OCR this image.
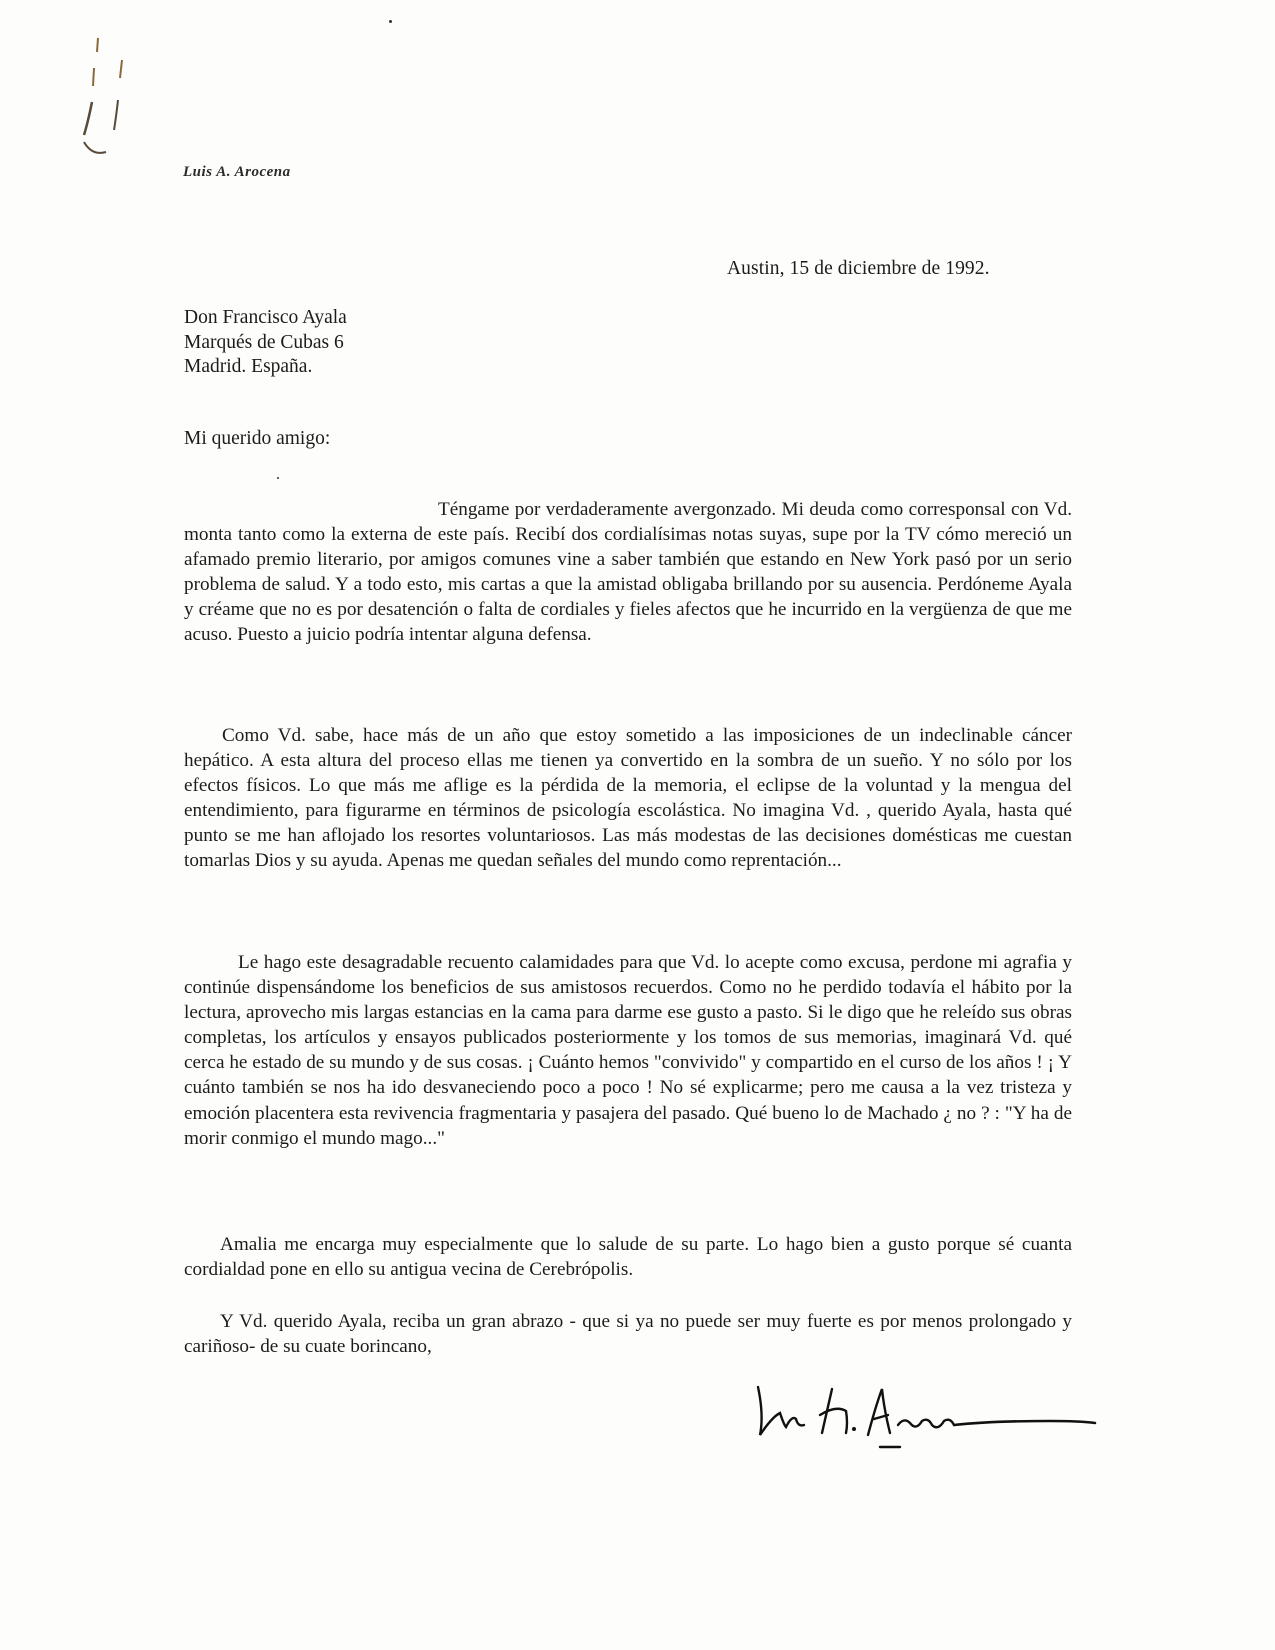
Luis A. Arocena
Austin, 15 de diciembre de 1992.
Don Francisco Ayala
Marqués de Cubas 6
Madrid. España.
Mi querido amigo:

Téngame por verdaderamente avergonzado. Mi deuda como corresponsal con Vd. monta tanto como la externa de este país. Recibí dos cordialísimas notas suyas, supe por la TV cómo mereció un afamado premio literario, por amigos comunes vine a saber también que estando en New York pasó por un serio problema de salud. Y a todo esto, mis cartas a que la amistad obligaba brillando por su ausencia. Perdóneme Ayala y créame que no es por desatención o falta de cordiales y fieles afectos que he incurrido en la vergüenza de que me acuso. Puesto a juicio podría intentar alguna defensa.

Como Vd. sabe, hace más de un año que estoy sometido a las imposiciones de un indeclinable cáncer hepático. A esta altura del proceso ellas me tienen ya convertido en la sombra de un sueño. Y no sólo por los efectos físicos. Lo que más me aflige es la pérdida de la memoria, el eclipse de la voluntad y la mengua del entendimiento, para figurarme en términos de psicología escolástica. No imagina Vd. , querido Ayala, hasta qué punto se me han aflojado los resortes voluntariosos. Las más modestas de las decisiones domésticas me cuestan tomarlas Dios y su ayuda. Apenas me quedan señales del mundo como reprentación...

Le hago este desagradable recuento calamidades para que Vd. lo acepte como excusa, perdone mi agrafia y continúe dispensándome los beneficios de sus amistosos recuerdos. Como no he perdido todavía el hábito por la lectura, aprovecho mis largas estancias en la cama para darme ese gusto a pasto. Si le digo que he releído sus obras completas, los artículos y ensayos publicados posteriormente y los tomos de sus memorias, imaginará Vd. qué cerca he estado de su mundo y de sus cosas. ¡ Cuánto hemos "convivido" y compartido en el curso de los años ! ¡ Y cuánto también se nos ha ido desvaneciendo poco a poco ! No sé explicarme; pero me causa a la vez tristeza y emoción placentera esta revivencia fragmentaria y pasajera del pasado. Qué bueno lo de Machado ¿ no ? : "Y ha de morir conmigo el mundo mago..."

Amalia me encarga muy especialmente que lo salude de su parte. Lo hago bien a gusto porque sé cuanta cordialdad pone en ello su antigua vecina de Cerebrópolis.

Y Vd. querido Ayala, reciba un gran abrazo - que si ya no puede ser muy fuerte es por menos prolongado y cariñoso- de su cuate borincano,
